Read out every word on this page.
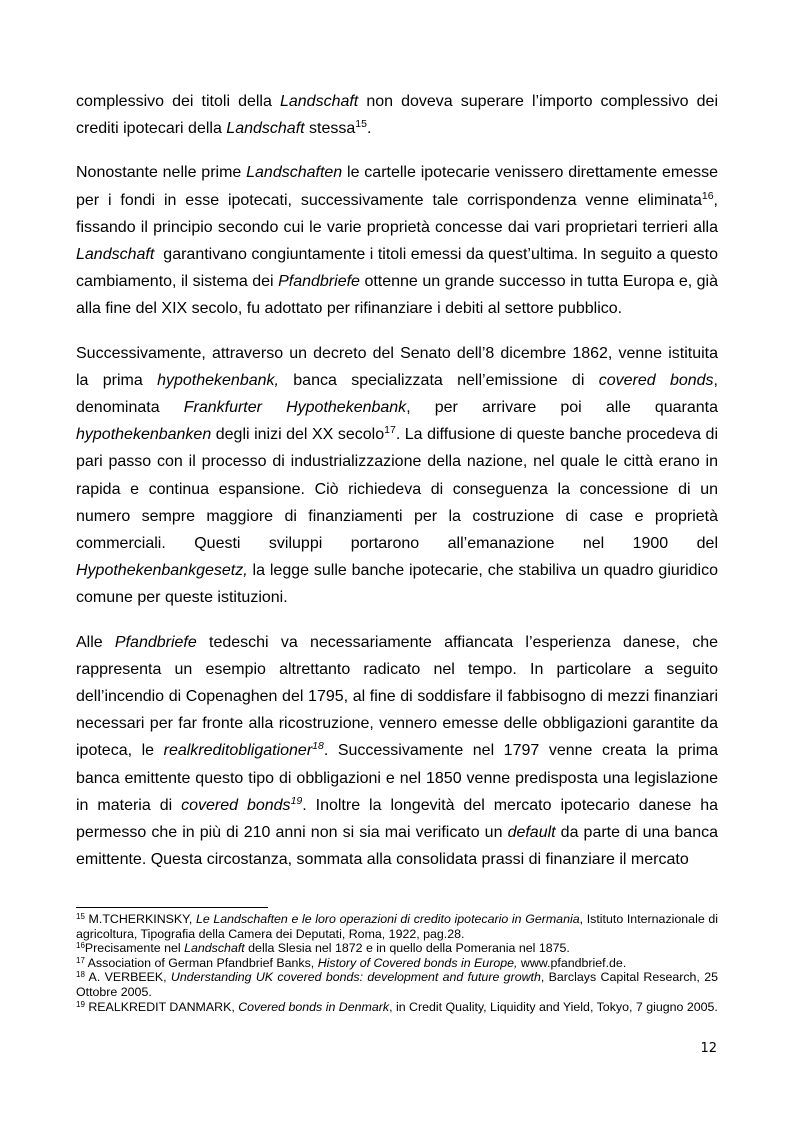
complessivo dei titoli della Landschaft non doveva superare l’importo complessivo dei crediti ipotecari della Landschaft stessa$^{15}$.

Nonostante nelle prime Landschaften le cartelle ipotecarie venissero direttamente emesse per i fondi in esse ipotecati, successivamente tale corrispondenza venne eliminata$^{16}$, fissando il principio secondo cui le varie proprietà concesse dai vari proprietari terrieri alla Landschaft  garantivano congiuntamente i titoli emessi da quest’ultima. In seguito a questo cambiamento, il sistema dei Pfandbriefe ottenne un grande successo in tutta Europa e, già alla fine del XIX secolo, fu adottato per rifinanziare i debiti al settore pubblico.

Successivamente, attraverso un decreto del Senato dell’8 dicembre 1862, venne istituita la prima hypothekenbank, banca specializzata nell’emissione di covered bonds, denominata Frankfurter Hypothekenbank, per arrivare poi alle quaranta hypothekenbanken degli inizi del XX secolo$^{17}$. La diffusione di queste banche procedeva di pari passo con il processo di industrializzazione della nazione, nel quale le città erano in rapida e continua espansione. Ciò richiedeva di conseguenza la concessione di un numero sempre maggiore di finanziamenti per la costruzione di case e proprietà commerciali. Questi sviluppi portarono all’emanazione nel 1900 del Hypothekenbankgesetz, la legge sulle banche ipotecarie, che stabiliva un quadro giuridico comune per queste istituzioni.

Alle Pfandbriefe tedeschi va necessariamente affiancata l’esperienza danese, che rappresenta un esempio altrettanto radicato nel tempo. In particolare a seguito dell’incendio di Copenaghen del 1795, al fine di soddisfare il fabbisogno di mezzi finanziari necessari per far fronte alla ricostruzione, vennero emesse delle obbligazioni garantite da ipoteca, le realkreditobligationer$^{18}$. Successivamente nel 1797 venne creata la prima banca emittente questo tipo di obbligazioni e nel 1850 venne predisposta una legislazione in materia di covered bonds$^{19}$. Inoltre la longevità del mercato ipotecario danese ha permesso che in più di 210 anni non si sia mai verificato un default da parte di una banca emittente. Questa circostanza, sommata alla consolidata prassi di finanziare il mercato

$^{15}$ M.TCHERKINSKY, Le Landschaften e le loro operazioni di credito ipotecario in Germania, Istituto Internazionale di agricoltura, Tipografia della Camera dei Deputati, Roma, 1922, pag.28.
$^{16}$Precisamente nel Landschaft della Slesia nel 1872 e in quello della Pomerania nel 1875.
$^{17}$ Association of German Pfandbrief Banks, History of Covered bonds in Europe, www.pfandbrief.de.
$^{18}$ A. VERBEEK, Understanding UK covered bonds: development and future growth, Barclays Capital Research, 25 Ottobre 2005.
$^{19}$ REALKREDIT DANMARK, Covered bonds in Denmark, in Credit Quality, Liquidity and Yield, Tokyo, 7 giugno 2005.
12
